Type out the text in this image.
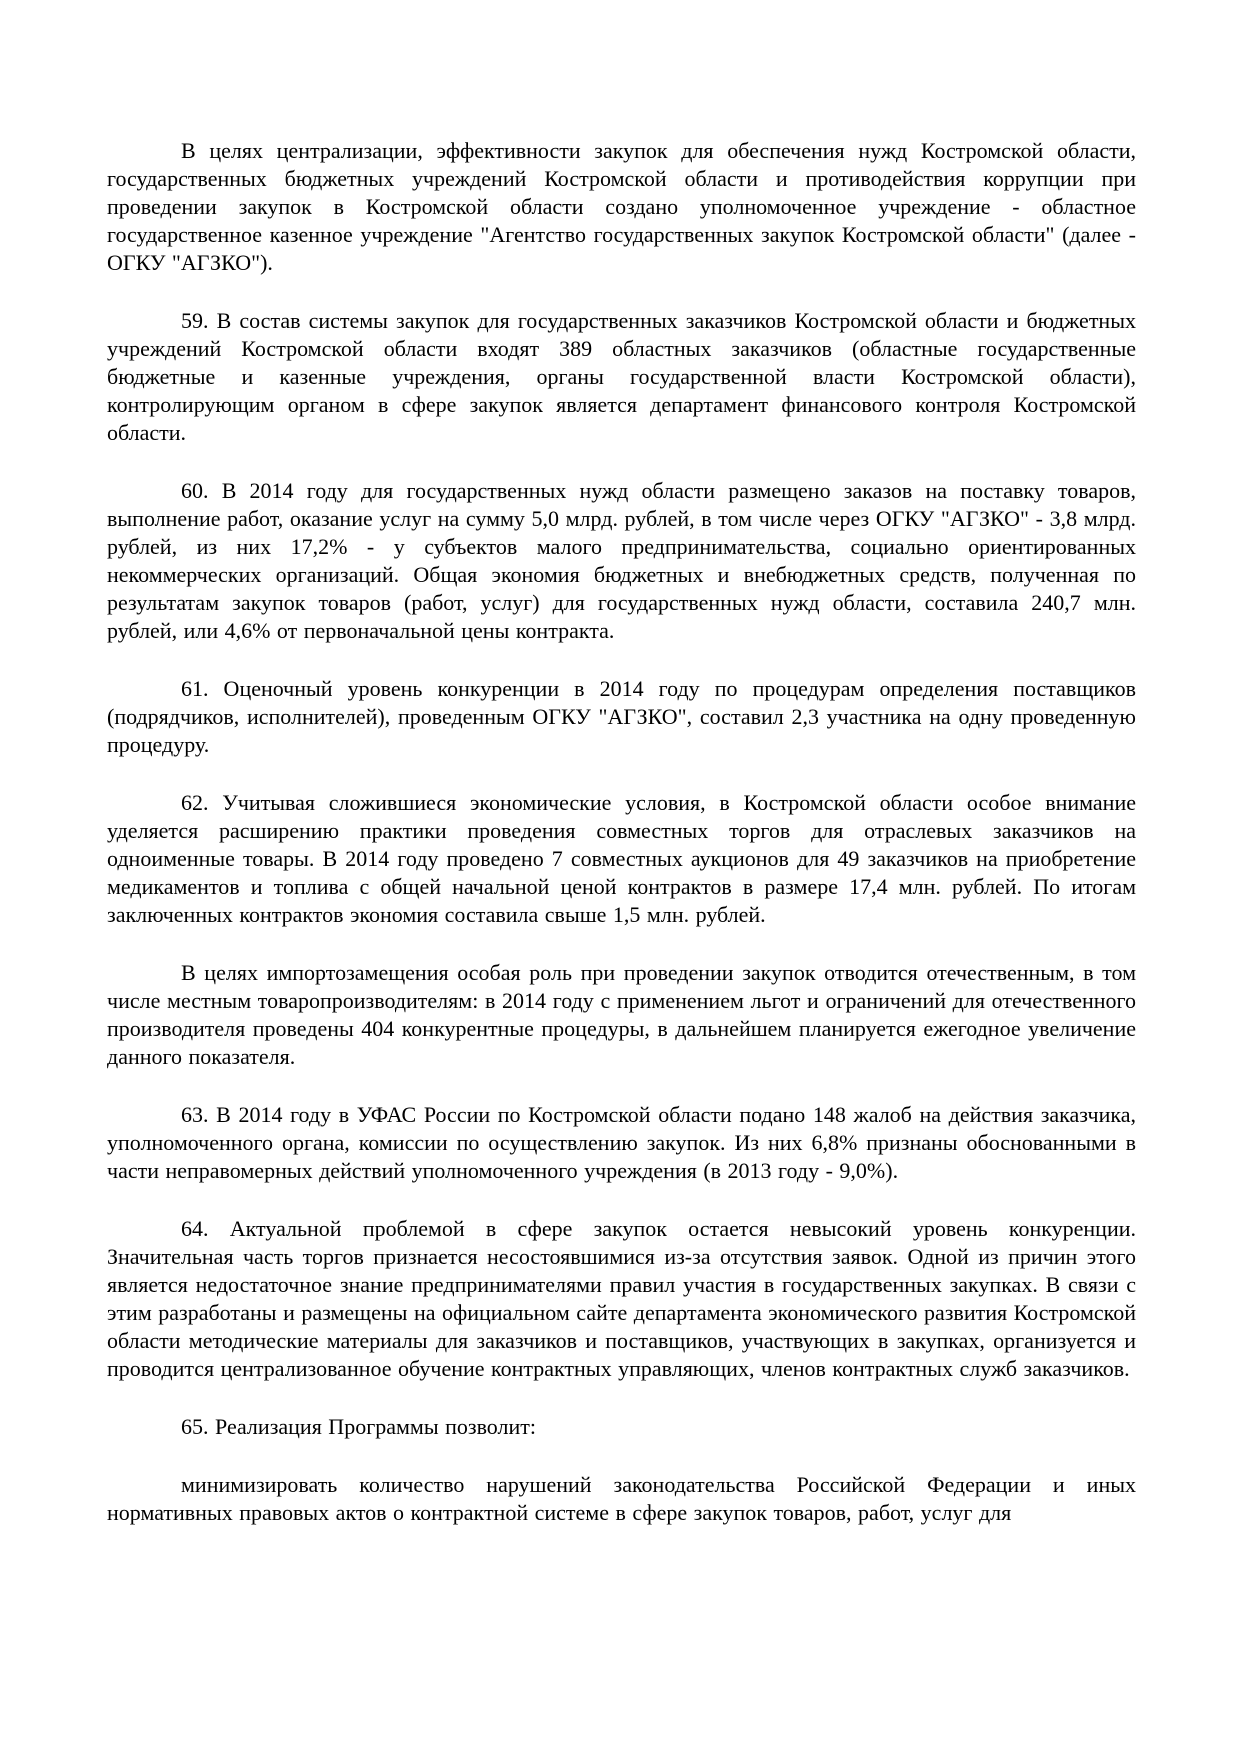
В целях централизации, эффективности закупок для обеспечения нужд Костромской области, государственных бюджетных учреждений Костромской области и противодействия коррупции при проведении закупок в Костромской области создано уполномоченное учреждение - областное государственное казенное учреждение "Агентство государственных закупок Костромской области" (далее - ОГКУ "АГЗКО").

59. В состав системы закупок для государственных заказчиков Костромской области и бюджетных учреждений Костромской области входят 389 областных заказчиков (областные государственные бюджетные и казенные учреждения, органы государственной власти Костромской области), контролирующим органом в сфере закупок является департамент финансового контроля Костромской области.

60. В 2014 году для государственных нужд области размещено заказов на поставку товаров, выполнение работ, оказание услуг на сумму 5,0 млрд. рублей, в том числе через ОГКУ "АГЗКО" - 3,8 млрд. рублей, из них 17,2% - у субъектов малого предпринимательства, социально ориентированных некоммерческих организаций. Общая экономия бюджетных и внебюджетных средств, полученная по результатам закупок товаров (работ, услуг) для государственных нужд области, составила 240,7 млн. рублей, или 4,6% от первоначальной цены контракта.

61. Оценочный уровень конкуренции в 2014 году по процедурам определения поставщиков (подрядчиков, исполнителей), проведенным ОГКУ "АГЗКО", составил 2,3 участника на одну проведенную процедуру.

62. Учитывая сложившиеся экономические условия, в Костромской области особое внимание уделяется расширению практики проведения совместных торгов для отраслевых заказчиков на одноименные товары. В 2014 году проведено 7 совместных аукционов для 49 заказчиков на приобретение медикаментов и топлива с общей начальной ценой контрактов в размере 17,4 млн. рублей. По итогам заключенных контрактов экономия составила свыше 1,5 млн. рублей.

В целях импортозамещения особая роль при проведении закупок отводится отечественным, в том числе местным товаропроизводителям: в 2014 году с применением льгот и ограничений для отечественного производителя проведены 404 конкурентные процедуры, в дальнейшем планируется ежегодное увеличение данного показателя.

63. В 2014 году в УФАС России по Костромской области подано 148 жалоб на действия заказчика, уполномоченного органа, комиссии по осуществлению закупок. Из них 6,8% признаны обоснованными в части неправомерных действий уполномоченного учреждения (в 2013 году - 9,0%).

64. Актуальной проблемой в сфере закупок остается невысокий уровень конкуренции. Значительная часть торгов признается несостоявшимися из-за отсутствия заявок. Одной из причин этого является недостаточное знание предпринимателями правил участия в государственных закупках. В связи с этим разработаны и размещены на официальном сайте департамента экономического развития Костромской области методические материалы для заказчиков и поставщиков, участвующих в закупках, организуется и проводится централизованное обучение контрактных управляющих, членов контрактных служб заказчиков.

65. Реализация Программы позволит:

минимизировать количество нарушений законодательства Российской Федерации и иных нормативных правовых актов о контрактной системе в сфере закупок товаров, работ, услуг для
